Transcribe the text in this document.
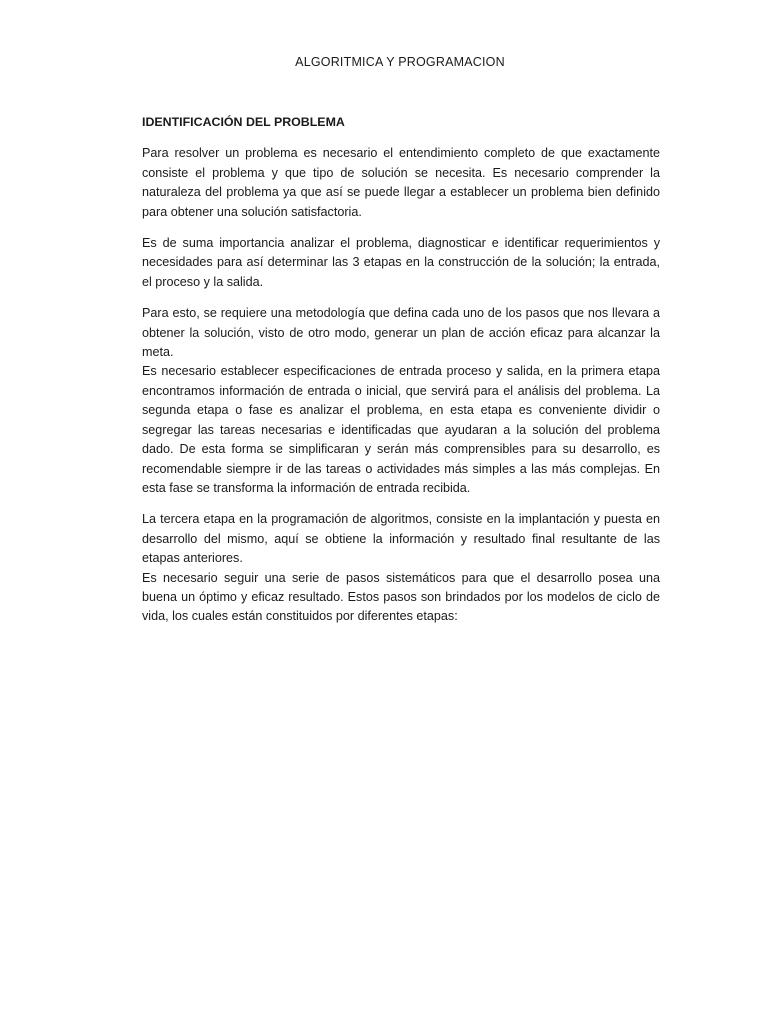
ALGORITMICA Y PROGRAMACION
IDENTIFICACIÓN DEL PROBLEMA

Para resolver un problema es necesario el entendimiento completo de que exactamente consiste el problema y que tipo de solución se necesita. Es necesario comprender la naturaleza del problema ya que así se puede llegar a establecer un problema bien definido para obtener una solución satisfactoria.

Es de suma importancia analizar el problema, diagnosticar e identificar requerimientos y necesidades para así determinar las 3 etapas en la construcción de la solución; la entrada, el proceso y la salida.

Para esto, se requiere una metodología que defina cada uno de los pasos que nos llevara a obtener la solución, visto de otro modo, generar un plan de acción eficaz para alcanzar la meta.

Es necesario establecer especificaciones de entrada proceso y salida, en la primera etapa encontramos información de entrada o inicial, que servirá para el análisis del problema. La segunda etapa o fase es analizar el problema, en esta etapa es conveniente dividir o segregar las tareas necesarias e identificadas que ayudaran a la solución del problema dado. De esta forma se simplificaran y serán más comprensibles para su desarrollo, es recomendable siempre ir de las tareas o actividades más simples a las más complejas. En esta fase se transforma la información de entrada recibida.

La tercera etapa en la programación de algoritmos, consiste en la implantación y puesta en desarrollo del mismo, aquí se obtiene la información y resultado final resultante de las etapas anteriores.

Es necesario seguir una serie de pasos sistemáticos para que el desarrollo posea una buena un óptimo y eficaz resultado. Estos pasos son brindados por los modelos de ciclo de vida, los cuales están constituidos por diferentes etapas:
